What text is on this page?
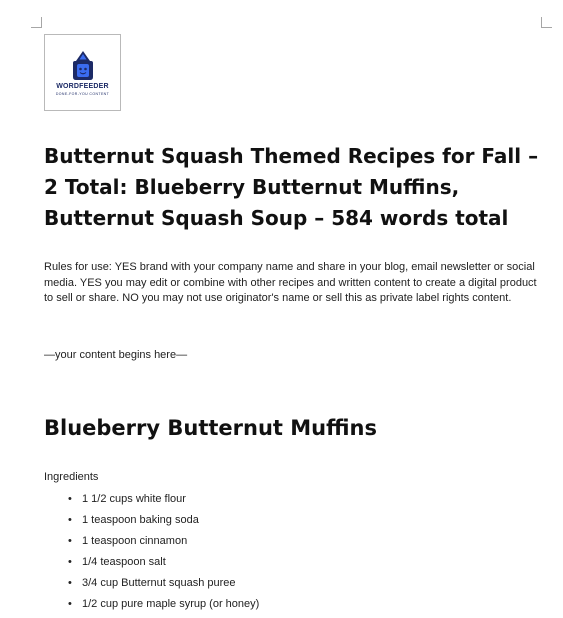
WORDFEEDER
DONE-FOR-YOU CONTENT
Butternut Squash Themed Recipes for Fall – 2 Total: Blueberry Butternut Muffins, Butternut Squash Soup – 584 words total

Rules for use: YES brand with your company name and share in your blog, email newsletter or social media. YES you may edit or combine with other recipes and written content to create a digital product to sell or share. NO you may not use originator's name or sell this as private label rights content.

—your content begins here—

Blueberry Butternut Muffins

Ingredients

• 1 1/2 cups white flour
• 1 teaspoon baking soda
• 1 teaspoon cinnamon
• 1/4 teaspoon salt
• 3/4 cup Butternut squash puree
• 1/2 cup pure maple syrup (or honey)
